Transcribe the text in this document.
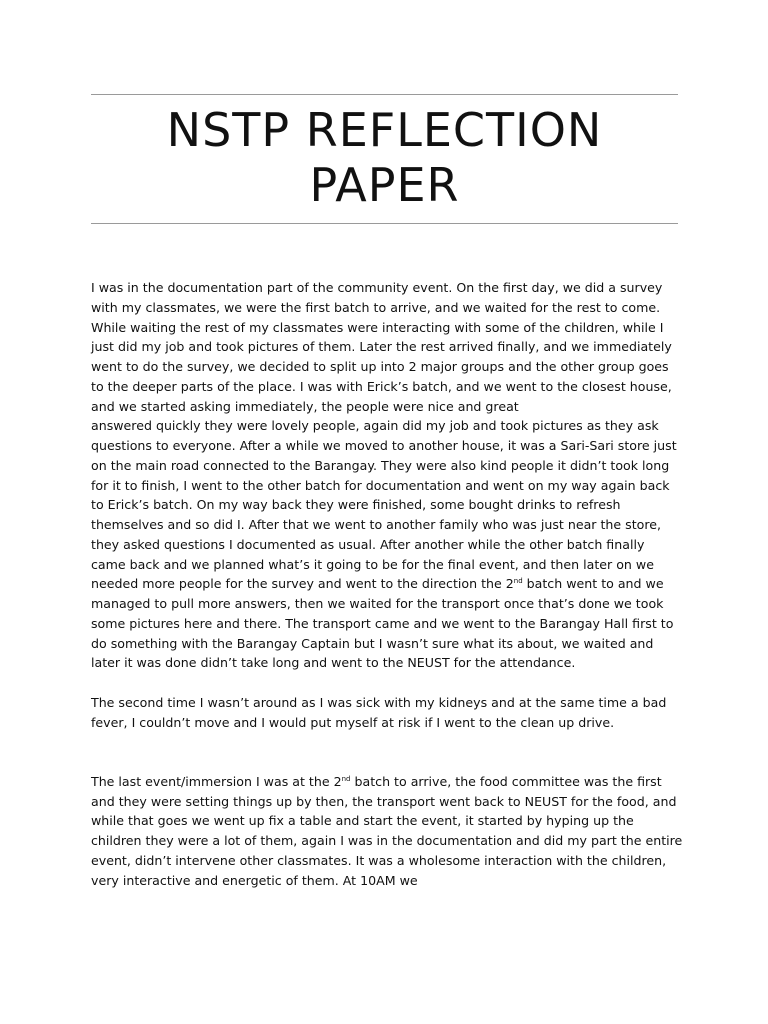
NSTP REFLECTION
PAPER

I was in the documentation part of the community event. On the first day, we did a survey with my classmates, we were the first batch to arrive, and we waited for the rest to come. While waiting the rest of my classmates were interacting with some of the children, while I just did my job and took pictures of them. Later the rest arrived finally, and we immediately went to do the survey, we decided to split up into 2 major groups and the other group goes to the deeper parts of the place. I was with Erick’s batch, and we went to the closest house, and we started asking immediately, the people were nice and great

answered quickly they were lovely people, again did my job and took pictures as they ask questions to everyone. After a while we moved to another house, it was a Sari-Sari store just on the main road connected to the Barangay. They were also kind people it didn’t took long for it to finish, I went to the other batch for documentation and went on my way again back to Erick’s batch. On my way back they were finished, some bought drinks to refresh themselves and so did I. After that we went to another family who was just near the store, they asked questions I documented as usual. After another while the other batch finally came back and we planned what’s it going to be for the final event, and then later on we needed more people for the survey and went to the direction the 2nd batch went to and we managed to pull more answers, then we waited for the transport once that’s done we took some pictures here and there. The transport came and we went to the Barangay Hall first to do something with the Barangay Captain but I wasn’t sure what its about, we waited and later it was done didn’t take long and went to the NEUST for the attendance.

The second time I wasn’t around as I was sick with my kidneys and at the same time a bad fever, I couldn’t move and I would put myself at risk if I went to the clean up drive.

The last event/immersion I was at the 2nd batch to arrive, the food committee was the first and they were setting things up by then, the transport went back to NEUST for the food, and while that goes we went up fix a table and start the event, it started by hyping up the children they were a lot of them, again I was in the documentation and did my part the entire event, didn’t intervene other classmates. It was a wholesome interaction with the children, very interactive and energetic of them. At 10AM we
